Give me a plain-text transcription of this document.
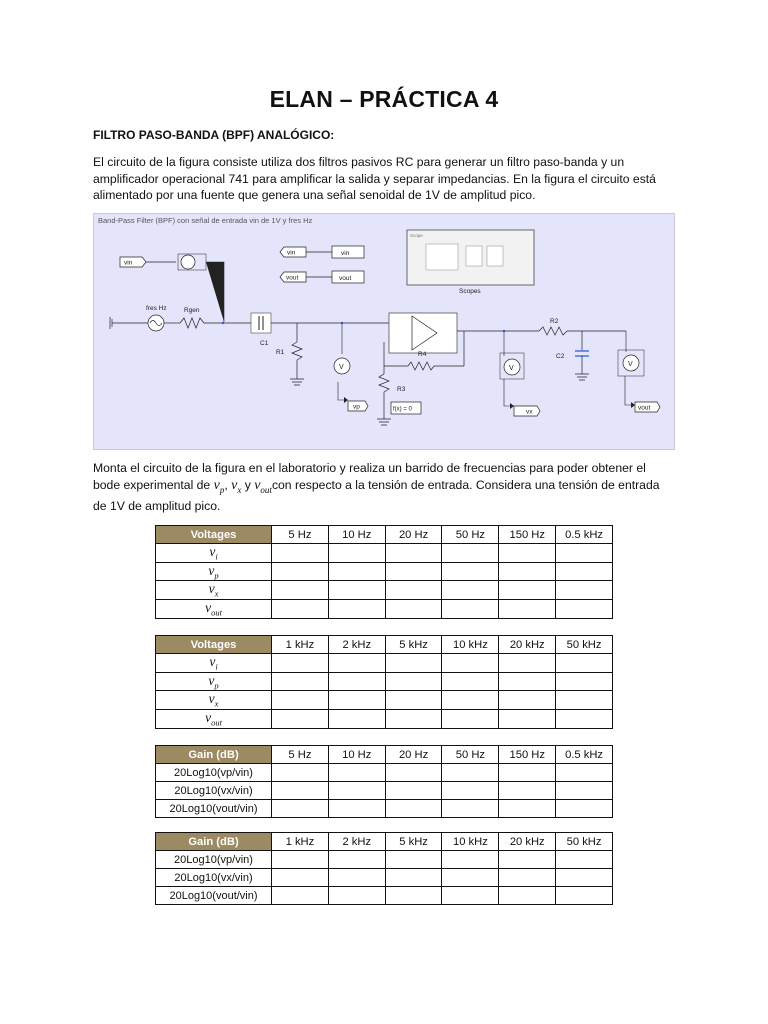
ELAN – PRÁCTICA 4
FILTRO PASO-BANDA (BPF) ANALÓGICO:
El circuito de la figura consiste utiliza dos filtros pasivos RC para generar un filtro paso-banda y un amplificador operacional 741 para amplificar la salida y separar impedancias. En la figura el circuito está alimentado por una fuente que genera una señal senoidal de 1V de amplitud pico.
Band-Pass Filter (BPF) con señal de entrada vin de 1V y fres Hz
vin	vin
vout	vout
Scope
Scopes
vin
fres Hz	Rgen
C1
R1
V
vp
R4
R3
f(x) = 0
V
vx
R2
C2
V
vout
Monta el circuito de la figura en el laboratorio y realiza un barrido de frecuencias para poder obtener el bode experimental de $v_p$, $v_x$ y $v_{out}con$ respecto a la tensión de entrada. Considera una tensión de entrada de 1V de amplitud pico.
Voltages	5 Hz	10 Hz	20 Hz	50 Hz	150 Hz	0.5 kHz
$v_i$						
$v_p$						
$v_x$						
$v_{out}$						
Voltages	1 kHz	2 kHz	5 kHz	10 kHz	20 kHz	50 kHz
$v_i$						
$v_p$						
$v_x$						
$v_{out}$						
Gain (dB)	5 Hz	10 Hz	20 Hz	50 Hz	150 Hz	0.5 kHz
20Log10(vp/vin)						
20Log10(vx/vin)						
20Log10(vout/vin)						
Gain (dB)	1 kHz	2 kHz	5 kHz	10 kHz	20 kHz	50 kHz
20Log10(vp/vin)						
20Log10(vx/vin)						
20Log10(vout/vin)						
